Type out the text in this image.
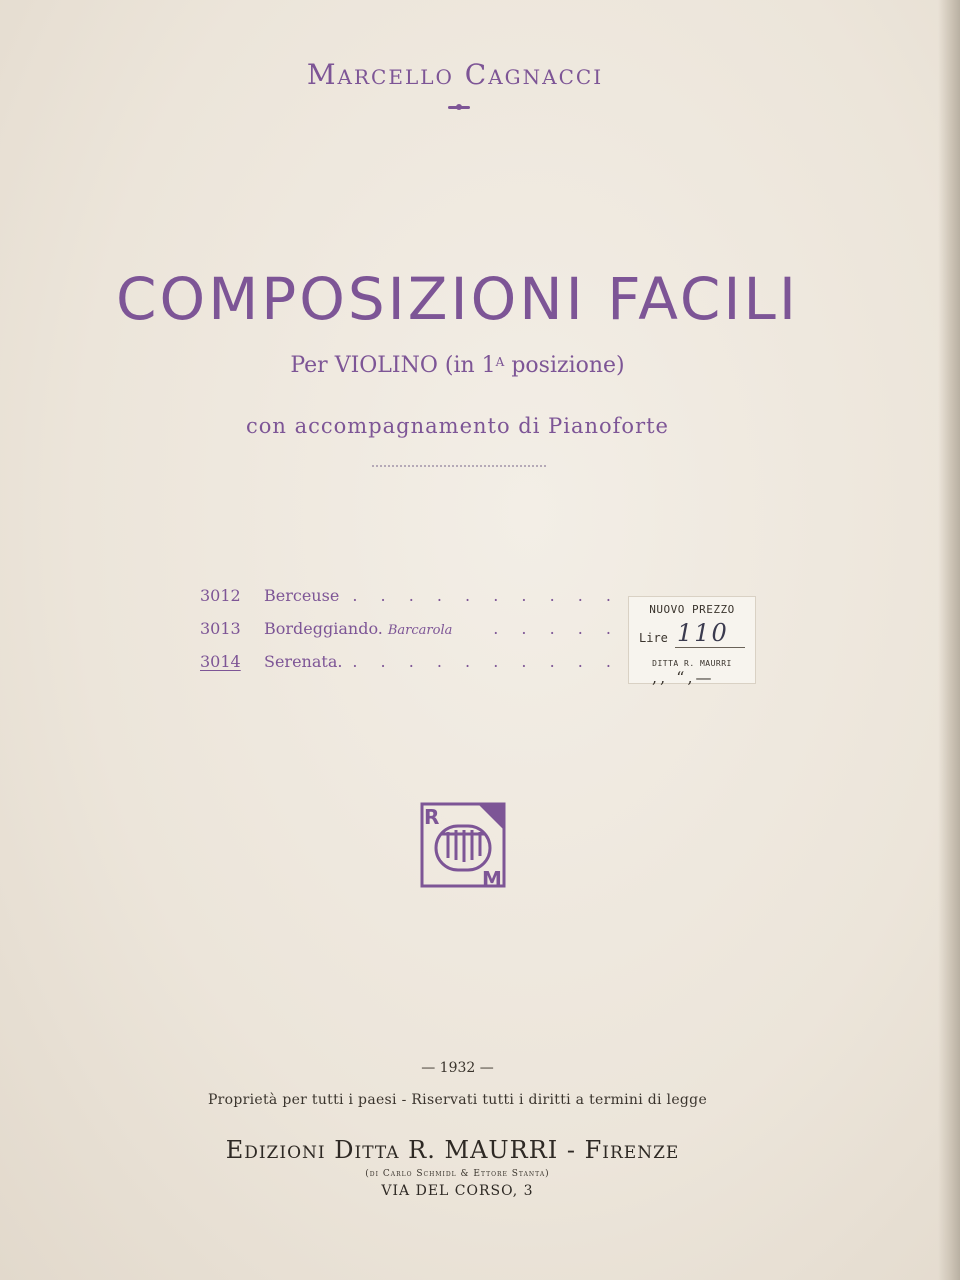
Marcello Cagnacci
COMPOSIZIONI FACILI
Per VIOLINO (in $1^A$ posizione)
con accompagnamento di Pianoforte
3012 Berceuse . . . . . . . . . .
3013 Bordeggiando. Barcarola	. . . . .
3014 Serenata. . . . . . . . . . .
NUOVO PREZZO
Lire 110
DITTA R. MAURRI
,, “,—
R
M
— 1932 —
Proprietà per tutti i paesi - Riservati tutti i diritti a termini di legge
Edizioni Ditta R. MAURRI - Firenze
(di Carlo Schmidl & Ettore Stanta)
VIA DEL CORSO, 3
